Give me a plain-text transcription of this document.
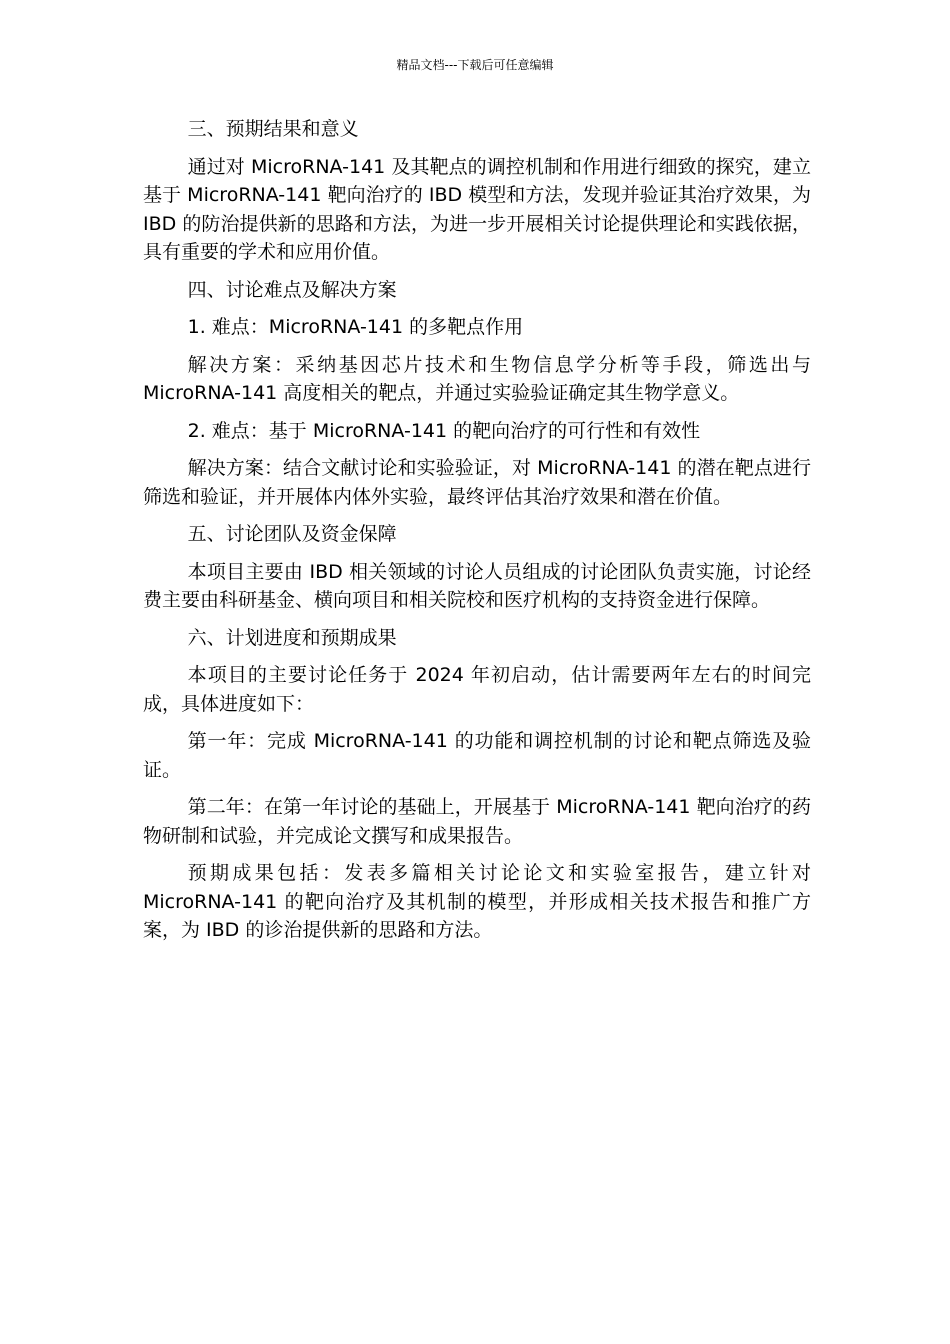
精品文档---下载后可任意编辑

三、预期结果和意义

通过对 MicroRNA-141 及其靶点的调控机制和作用进行细致的探究，建立基于 MicroRNA-141 靶向治疗的 IBD 模型和方法，发现并验证其治疗效果，为 IBD 的防治提供新的思路和方法，为进一步开展相关讨论提供理论和实践依据，具有重要的学术和应用价值。

四、讨论难点及解决方案

1. 难点：MicroRNA-141 的多靶点作用

解决方案：采纳基因芯片技术和生物信息学分析等手段，筛选出与 MicroRNA-141 高度相关的靶点，并通过实验验证确定其生物学意义。

2. 难点：基于 MicroRNA-141 的靶向治疗的可行性和有效性

解决方案：结合文献讨论和实验验证，对 MicroRNA-141 的潜在靶点进行筛选和验证，并开展体内体外实验，最终评估其治疗效果和潜在价值。

五、讨论团队及资金保障

本项目主要由 IBD 相关领域的讨论人员组成的讨论团队负责实施，讨论经费主要由科研基金、横向项目和相关院校和医疗机构的支持资金进行保障。

六、计划进度和预期成果

本项目的主要讨论任务于 2024 年初启动，估计需要两年左右的时间完成，具体进度如下：

第一年：完成 MicroRNA-141 的功能和调控机制的讨论和靶点筛选及验证。

第二年：在第一年讨论的基础上，开展基于 MicroRNA-141 靶向治疗的药物研制和试验，并完成论文撰写和成果报告。

预期成果包括：发表多篇相关讨论论文和实验室报告，建立针对 MicroRNA-141 的靶向治疗及其机制的模型，并形成相关技术报告和推广方案，为 IBD 的诊治提供新的思路和方法。
